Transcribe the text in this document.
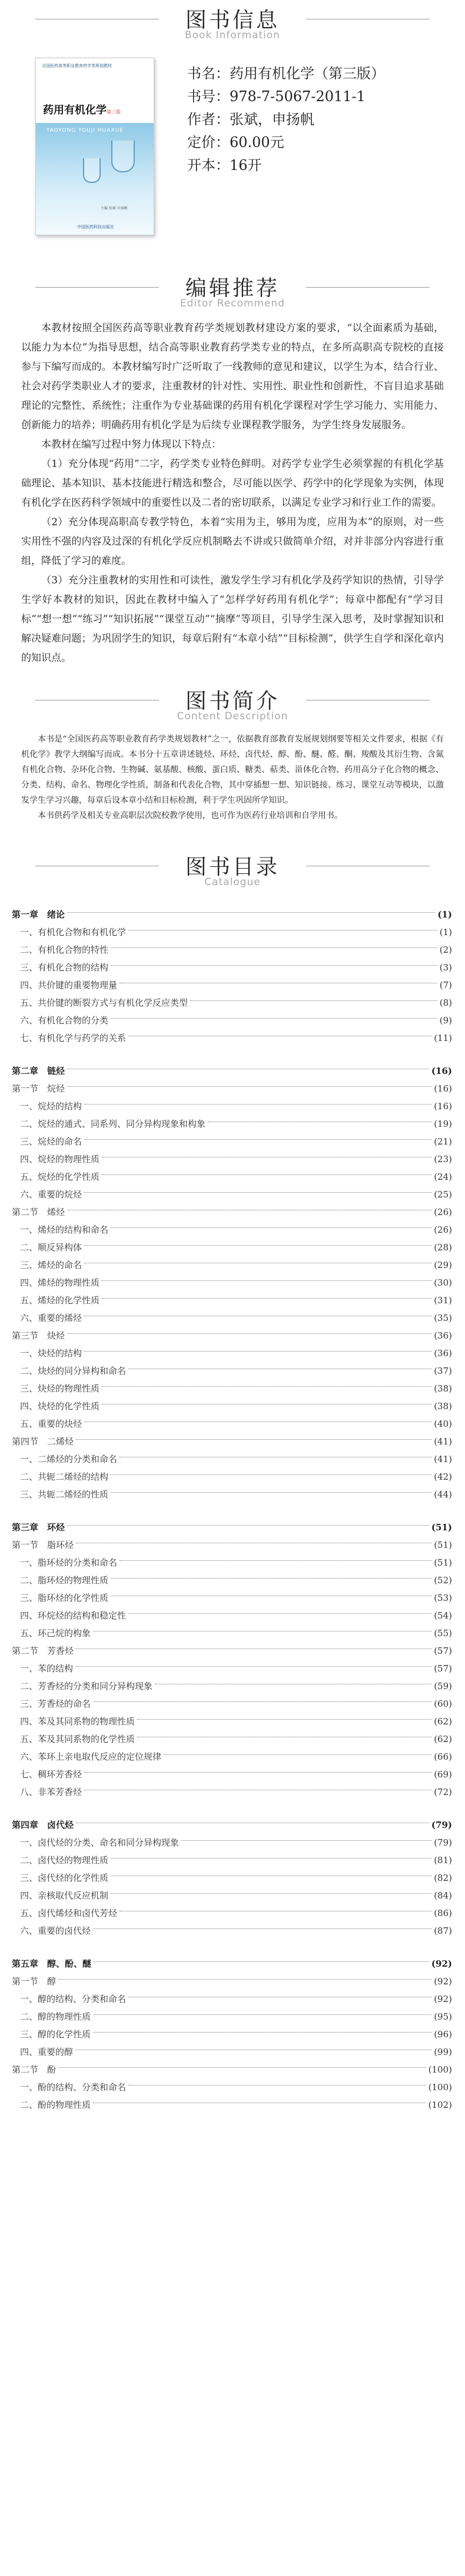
图书信息
Book Information
全国医药高等职业教育药学类规划教材
药用有机化学第三版
YAOYONG YOUJI HUAXUE
主编 张斌 申扬帆
中国医药科技出版社
书名：药用有机化学（第三版）
书号：978-7-5067-2011-1
作者：张斌，申扬帆
定价：60.00元
开本：16开
编辑推荐
Editor Recommend

本教材按照全国医药高等职业教育药学类规划教材建设方案的要求，“以全面素质为基础，以能力为本位”为指导思想，结合高等职业教育药学类专业的特点，在多所高职高专院校的直接参与下编写而成的。本教材编写时广泛听取了一线教师的意见和建议，以学生为本，结合行业、社会对药学类职业人才的要求，注重教材的针对性、实用性、职业性和创新性，不盲目追求基础理论的完整性、系统性；注重作为专业基础课的药用有机化学课程对学生学习能力、实用能力、创新能力的培养；明确药用有机化学是为后续专业课程教学服务，为学生终身发展服务。

本教材在编写过程中努力体现以下特点：

（1）充分体现“药用”二字，药学类专业特色鲜明。对药学专业学生必须掌握的有机化学基础理论、基本知识、基本技能进行精选和整合，尽可能以医学、药学中的化学现象为实例，体现有机化学在医药科学领域中的重要性以及二者的密切联系，以满足专业学习和行业工作的需要。

（2）充分体现高职高专教学特色，本着“实用为主，够用为度，应用为本”的原则，对一些实用性不强的内容及过深的有机化学反应机制略去不讲或只做简单介绍，对并非部分内容进行重组，降低了学习的难度。

（3）充分注重教材的实用性和可读性，激发学生学习有机化学及药学知识的热情，引导学生学好本教材的知识，因此在教材中编入了“怎样学好药用有机化学”；每章中都配有“学习目标”“想一想”“练习”“知识拓展”“课堂互动”“摘摩”等项目，引导学生深入思考，及时掌握知识和解决疑难问题；为巩固学生的知识，每章后附有“本章小结”“目标检测”，供学生自学和深化章内的知识点。

图书简介
Content Description

本书是“全国医药高等职业教育药学类规划教材”之一，依据教育部教育发展规划纲要等相关文件要求，根据《有机化学》教学大纲编写而成。本书分十五章讲述链烃、环烃、卤代烃、醇、酚、醚、醛、酮、羧酸及其衍生物、含氮有机化合物、杂环化合物、生物碱、氨基酸、核酸、蛋白质、糖类、萜类、甾体化合物、药用高分子化合物的概念、分类、结构、命名、物理化学性质，制备和代表化合物，其中穿插想一想、知识链接、练习、课堂互动等模块，以激发学生学习兴趣，每章后设本章小结和目标检测，利于学生巩固所学知识。

本书供药学及相关专业高职层次院校教学使用，也可作为医药行业培训和自学用书。

图书目录
Catalogue
第一章　绪论	(1)
一、有机化合物和有机化学	(1)
二、有机化合物的特性	(2)
三、有机化合物的结构	(3)
四、共价键的重要物理量	(7)
五、共价键的断裂方式与有机化学反应类型	(8)
六、有机化合物的分类	(9)
七、有机化学与药学的关系	(11)
第二章　链烃	(16)
第一节　烷烃	(16)
一、烷烃的结构	(16)
二、烷烃的通式、同系列、同分异构现象和构象	(19)
三、烷烃的命名	(21)
四、烷烃的物理性质	(23)
五、烷烃的化学性质	(24)
六、重要的烷烃	(25)
第二节　烯烃	(26)
一、烯烃的结构和命名	(26)
二、顺反异构体	(28)
三、烯烃的命名	(29)
四、烯烃的物理性质	(30)
五、烯烃的化学性质	(31)
六、重要的烯烃	(35)
第三节　炔烃	(36)
一、炔烃的结构	(36)
二、炔烃的同分异构和命名	(37)
三、炔烃的物理性质	(38)
四、炔烃的化学性质	(38)
五、重要的炔烃	(40)
第四节　二烯烃	(41)
一、二烯烃的分类和命名	(41)
二、共轭二烯烃的结构	(42)
三、共轭二烯烃的性质	(44)
第三章　环烃	(51)
第一节　脂环烃	(51)
一、脂环烃的分类和命名	(51)
二、脂环烃的物理性质	(52)
三、脂环烃的化学性质	(53)
四、环烷烃的结构和稳定性	(54)
五、环己烷的构象	(55)
第二节　芳香烃	(57)
一、苯的结构	(57)
二、芳香烃的分类和同分异构现象	(59)
三、芳香烃的命名	(60)
四、苯及其同系物的物理性质	(62)
五、苯及其同系物的化学性质	(62)
六、苯环上亲电取代反应的定位规律	(66)
七、稠环芳香烃	(69)
八、非苯芳香烃	(72)
第四章　卤代烃	(79)
一、卤代烃的分类、命名和同分异构现象	(79)
二、卤代烃的物理性质	(81)
三、卤代烃的化学性质	(82)
四、亲核取代反应机制	(84)
五、卤代烯烃和卤代芳烃	(86)
六、重要的卤代烃	(87)
第五章　醇、酚、醚	(92)
第一节　醇	(92)
一、醇的结构、分类和命名	(92)
二、醇的物理性质	(95)
三、醇的化学性质	(96)
四、重要的醇	(99)
第二节　酚	(100)
一、酚的结构、分类和命名	(100)
二、酚的物理性质	(102)
